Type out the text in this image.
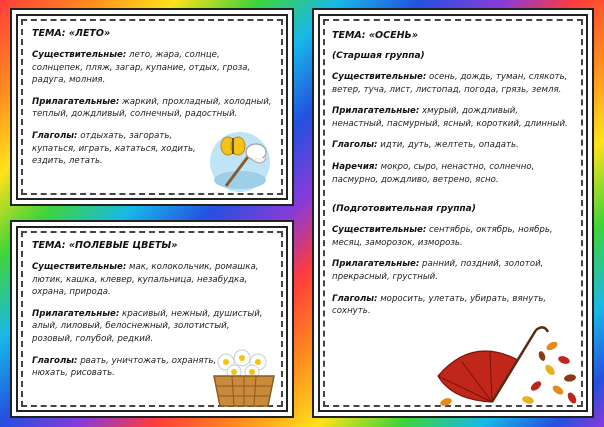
ТЕМА: «ЛЕТО»

Существительные: лето, жара, солнце, солнцепек, пляж, загар, купание, отдых, гроза, радуга, молния.

Прилагательные: жаркий, прохладный, холодный, теплый, дождливый, солнечный, радостный.

Глаголы: отдыхать, загорать, купаться, играть, кататься, ходить, ездить, летать.

ТЕМА: «ПОЛЕВЫЕ ЦВЕТЫ»

Существительные: мак, колокольчик, ромашка, лютик, кашка, клевер, купальница, незабудка, охрана, природа.

Прилагательные: красивый, нежный, душистый, алый, лиловый, белоснежный, золотистый, розовый, голубой, редкий.

Глаголы: рвать, уничтожать, охранять, нюхать, рисовать.

ТЕМА: «ОСЕНЬ»
(Старшая группа)

Существительные: осень, дождь, туман, слякоть, ветер, туча, лист, листопад, погода, грязь, земля.

Прилагательные: хмурый, дождливый, ненастный, пасмурный, ясный, короткий, длинный.

Глаголы: идти, дуть, желтеть, опадать.

Наречия: мокро, сыро, ненастно, солнечно, пасмурно, дождливо, ветрено, ясно.

(Подготовительная группа)

Существительные: сентябрь, октябрь, ноябрь, месяц, заморозок, изморозь.

Прилагательные: ранний, поздний, золотой, прекрасный, грустный.

Глаголы: моросить, улетать, убирать, вянуть, сохнуть.
